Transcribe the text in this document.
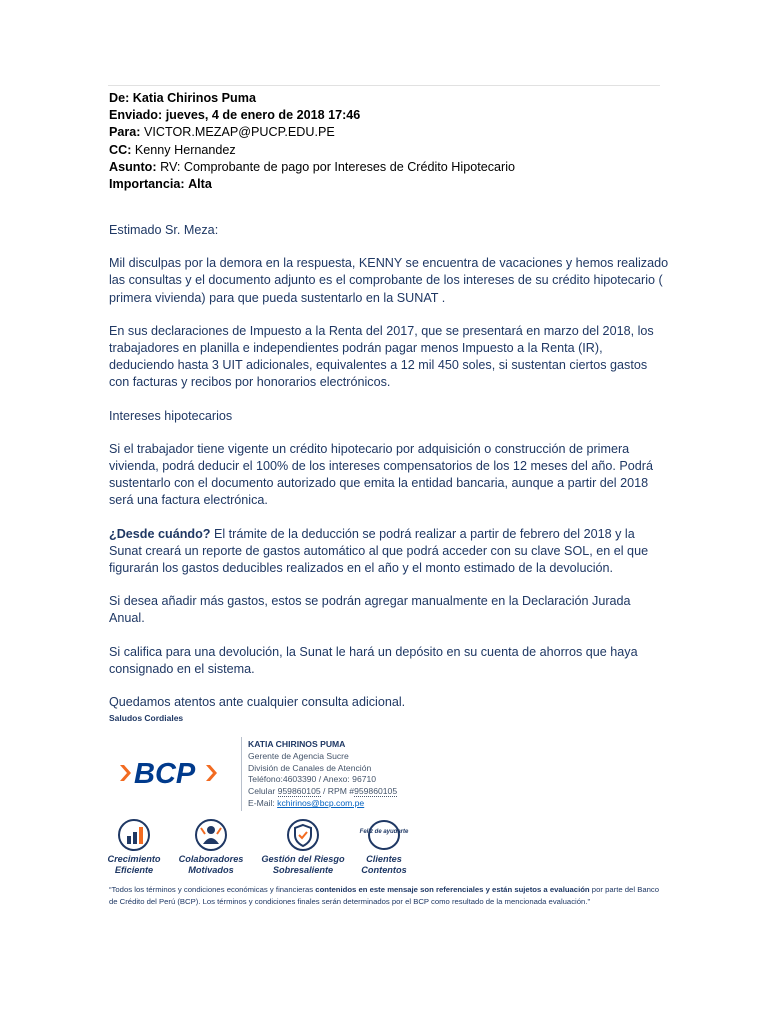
De: Katia Chirinos Puma
Enviado: jueves, 4 de enero de 2018 17:46
Para: VICTOR.MEZAP@PUCP.EDU.PE
CC: Kenny Hernandez
Asunto: RV: Comprobante de pago por Intereses de Crédito Hipotecario
Importancia: Alta

Estimado Sr. Meza:

Mil disculpas por la demora en la respuesta, KENNY se encuentra de vacaciones y hemos realizado las consultas y el documento adjunto es el comprobante de los intereses de su crédito hipotecario ( primera vivienda) para que pueda sustentarlo en la SUNAT .

En sus declaraciones de Impuesto a la Renta del 2017, que se presentará en marzo del 2018, los trabajadores en planilla e independientes podrán pagar menos Impuesto a la Renta (IR), deduciendo hasta 3 UIT adicionales, equivalentes a 12 mil 450 soles, si sustentan ciertos gastos con facturas y recibos por honorarios electrónicos.

Intereses hipotecarios

Si el trabajador tiene vigente un crédito hipotecario por adquisición o construcción de primera vivienda, podrá deducir el 100% de los intereses compensatorios de los 12 meses del año. Podrá sustentarlo con el documento autorizado que emita la entidad bancaria, aunque a partir del 2018 será una factura electrónica.

¿Desde cuándo? El trámite de la deducción se podrá realizar a partir de febrero del 2018 y la Sunat creará un reporte de gastos automático al que podrá acceder con su clave SOL, en el que figurarán los gastos deducibles realizados en el año y el monto estimado de la devolución.

Si desea añadir más gastos, estos se podrán agregar manualmente en la Declaración Jurada Anual.

Si califica para una devolución, la Sunat le hará un depósito en su cuenta de ahorros que haya consignado en el sistema.

Quedamos atentos ante cualquier consulta adicional.

Saludos Cordiales
BCP
KATIA CHIRINOS PUMA
Gerente de Agencia Sucre
División de Canales de Atención
Teléfono:4603390 / Anexo: 96710
Celular 959860105 / RPM #959860105
E-Mail: kchirinos@bcp.com.pe
Crecimiento
Eficiente
Colaboradores
Motivados
Gestión del Riesgo
Sobresaliente
Feliz de ayudarte
Clientes
Contentos
“Todos los términos y condiciones económicas y financieras contenidos en este mensaje son referenciales y están sujetos a evaluación por parte del Banco de Crédito del Perú (BCP). Los términos y condiciones finales serán determinados por el BCP como resultado de la mencionada evaluación.”
